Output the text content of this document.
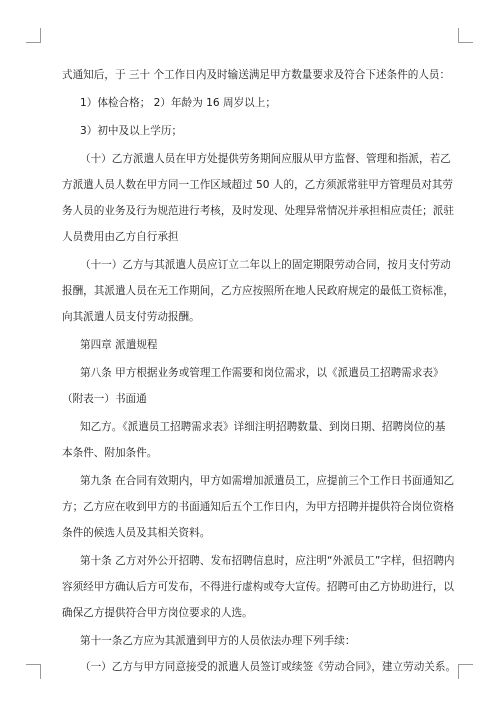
式通知后，于 三十 个工作日内及时输送满足甲方数量要求及符合下述条件的人员：
1）体检合格； 2）年龄为 16 周岁以上；
3）初中及以上学历；
（十）乙方派遣人员在甲方处提供劳务期间应服从甲方监督、管理和指派，若乙
方派遣人员人数在甲方同一工作区域超过 50 人的，乙方须派常驻甲方管理员对其劳
务人员的业务及行为规范进行考核，及时发现、处理异常情况并承担相应责任；派驻
人员费用由乙方自行承担
（十一）乙方与其派遣人员应订立二年以上的固定期限劳动合同，按月支付劳动
报酬，其派遣人员在无工作期间，乙方应按照所在地人民政府规定的最低工资标准，
向其派遣人员支付劳动报酬。
第四章 派遣规程
第八条 甲方根据业务或管理工作需要和岗位需求，以《派遣员工招聘需求表》
（附表一）书面通
知乙方。《派遣员工招聘需求表》详细注明招聘数量、到岗日期、招聘岗位的基
本条件、附加条件。
第九条 在合同有效期内，甲方如需增加派遣员工，应提前三个工作日书面通知乙
方；乙方应在收到甲方的书面通知后五个工作日内，为甲方招聘并提供符合岗位资格
条件的候选人员及其相关资料。
第十条 乙方对外公开招聘、发布招聘信息时，应注明“外派员工”字样，但招聘内
容须经甲方确认后方可发布，不得进行虚构或夸大宣传。招聘可由乙方协助进行，以
确保乙方提供符合甲方岗位要求的人选。
第十一条乙方应为其派遣到甲方的人员依法办理下列手续：
（一）乙方与甲方同意接受的派遣人员签订或续签《劳动合同》，建立劳动关系。
